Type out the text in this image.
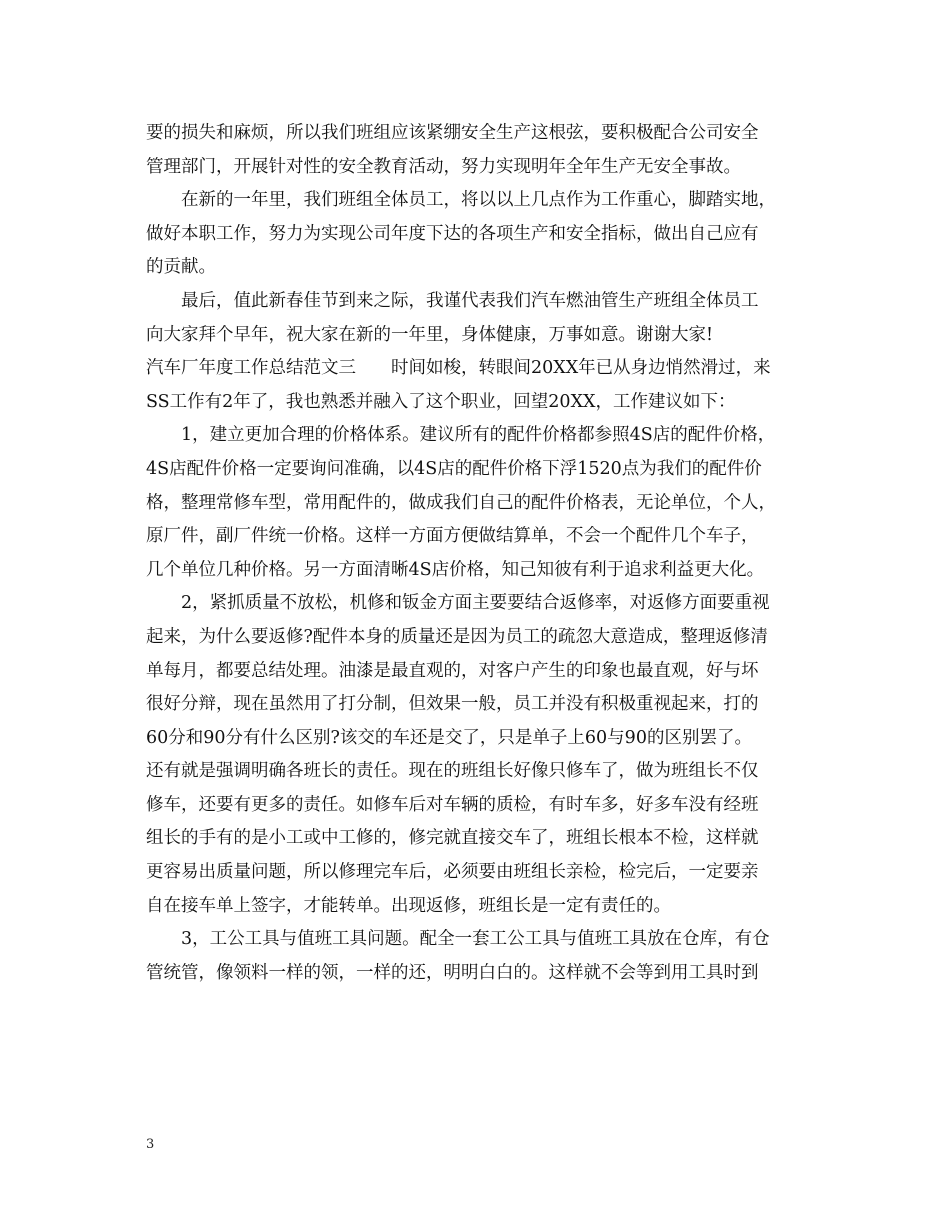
要的损失和麻烦，所以我们班组应该紧绷安全生产这根弦，要积极配合公司安全
管理部门，开展针对性的安全教育活动，努力实现明年全年生产无安全事故。
在新的一年里，我们班组全体员工，将以以上几点作为工作重心，脚踏实地，
做好本职工作，努力为实现公司年度下达的各项生产和安全指标，做出自己应有
的贡献。
最后，值此新春佳节到来之际，我谨代表我们汽车燃油管生产班组全体员工
向大家拜个早年，祝大家在新的一年里，身体健康，万事如意。谢谢大家!
汽车厂年度工作总结范文三　　时间如梭，转眼间20XX年已从身边悄然滑过，来
SS工作有2年了，我也熟悉并融入了这个职业，回望20XX，工作建议如下：
1，建立更加合理的价格体系。建议所有的配件价格都参照4S店的配件价格，
4S店配件价格一定要询问准确，以4S店的配件价格下浮1520点为我们的配件价
格，整理常修车型，常用配件的，做成我们自己的配件价格表，无论单位，个人，
原厂件，副厂件统一价格。这样一方面方便做结算单，不会一个配件几个车子，
几个单位几种价格。另一方面清晰4S店价格，知己知彼有利于追求利益更大化。
2，紧抓质量不放松，机修和钣金方面主要要结合返修率，对返修方面要重视
起来，为什么要返修?配件本身的质量还是因为员工的疏忽大意造成，整理返修清
单每月，都要总结处理。油漆是最直观的，对客户产生的印象也最直观，好与坏
很好分辩，现在虽然用了打分制，但效果一般，员工并没有积极重视起来，打的
60分和90分有什么区别?该交的车还是交了，只是单子上60与90的区别罢了。
还有就是强调明确各班长的责任。现在的班组长好像只修车了，做为班组长不仅
修车，还要有更多的责任。如修车后对车辆的质检，有时车多，好多车没有经班
组长的手有的是小工或中工修的，修完就直接交车了，班组长根本不检，这样就
更容易出质量问题，所以修理完车后，必须要由班组长亲检，检完后，一定要亲
自在接车单上签字，才能转单。出现返修，班组长是一定有责任的。
3，工公工具与值班工具问题。配全一套工公工具与值班工具放在仓库，有仓
管统管，像领料一样的领，一样的还，明明白白的。这样就不会等到用工具时到
3
